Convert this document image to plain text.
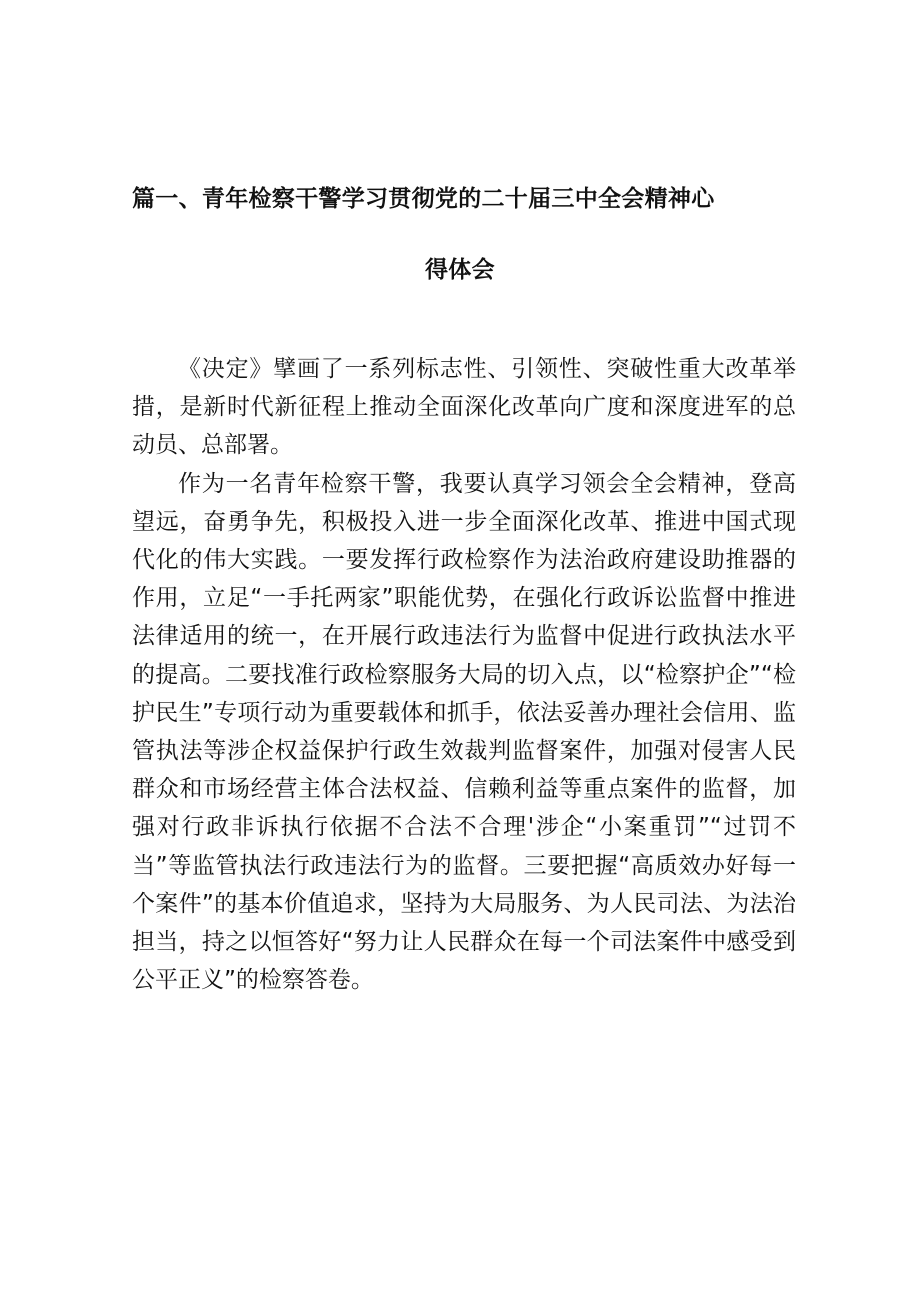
篇一、青年检察干警学习贯彻党的二十届三中全会精神心
得体会

《决定》擘画了一系列标志性、引领性、突破性重大改革举措，是新时代新征程上推动全面深化改革向广度和深度进军的总动员、总部署。

作为一名青年检察干警，我要认真学习领会全会精神，登高望远，奋勇争先，积极投入进一步全面深化改革、推进中国式现代化的伟大实践。一要发挥行政检察作为法治政府建设助推器的作用，立足“一手托两家”职能优势，在强化行政诉讼监督中推进法律适用的统一，在开展行政违法行为监督中促进行政执法水平的提高。二要找准行政检察服务大局的切入点，以“检察护企”“检护民生”专项行动为重要载体和抓手，依法妥善办理社会信用、监管执法等涉企权益保护行政生效裁判监督案件，加强对侵害人民群众和市场经营主体合法权益、信赖利益等重点案件的监督，加强对行政非诉执行依据不合法不合理'涉企“小案重罚”“过罚不当”等监管执法行政违法行为的监督。三要把握“高质效办好每一个案件”的基本价值追求，坚持为大局服务、为人民司法、为法治担当，持之以恒答好“努力让人民群众在每一个司法案件中感受到公平正义”的检察答卷。
